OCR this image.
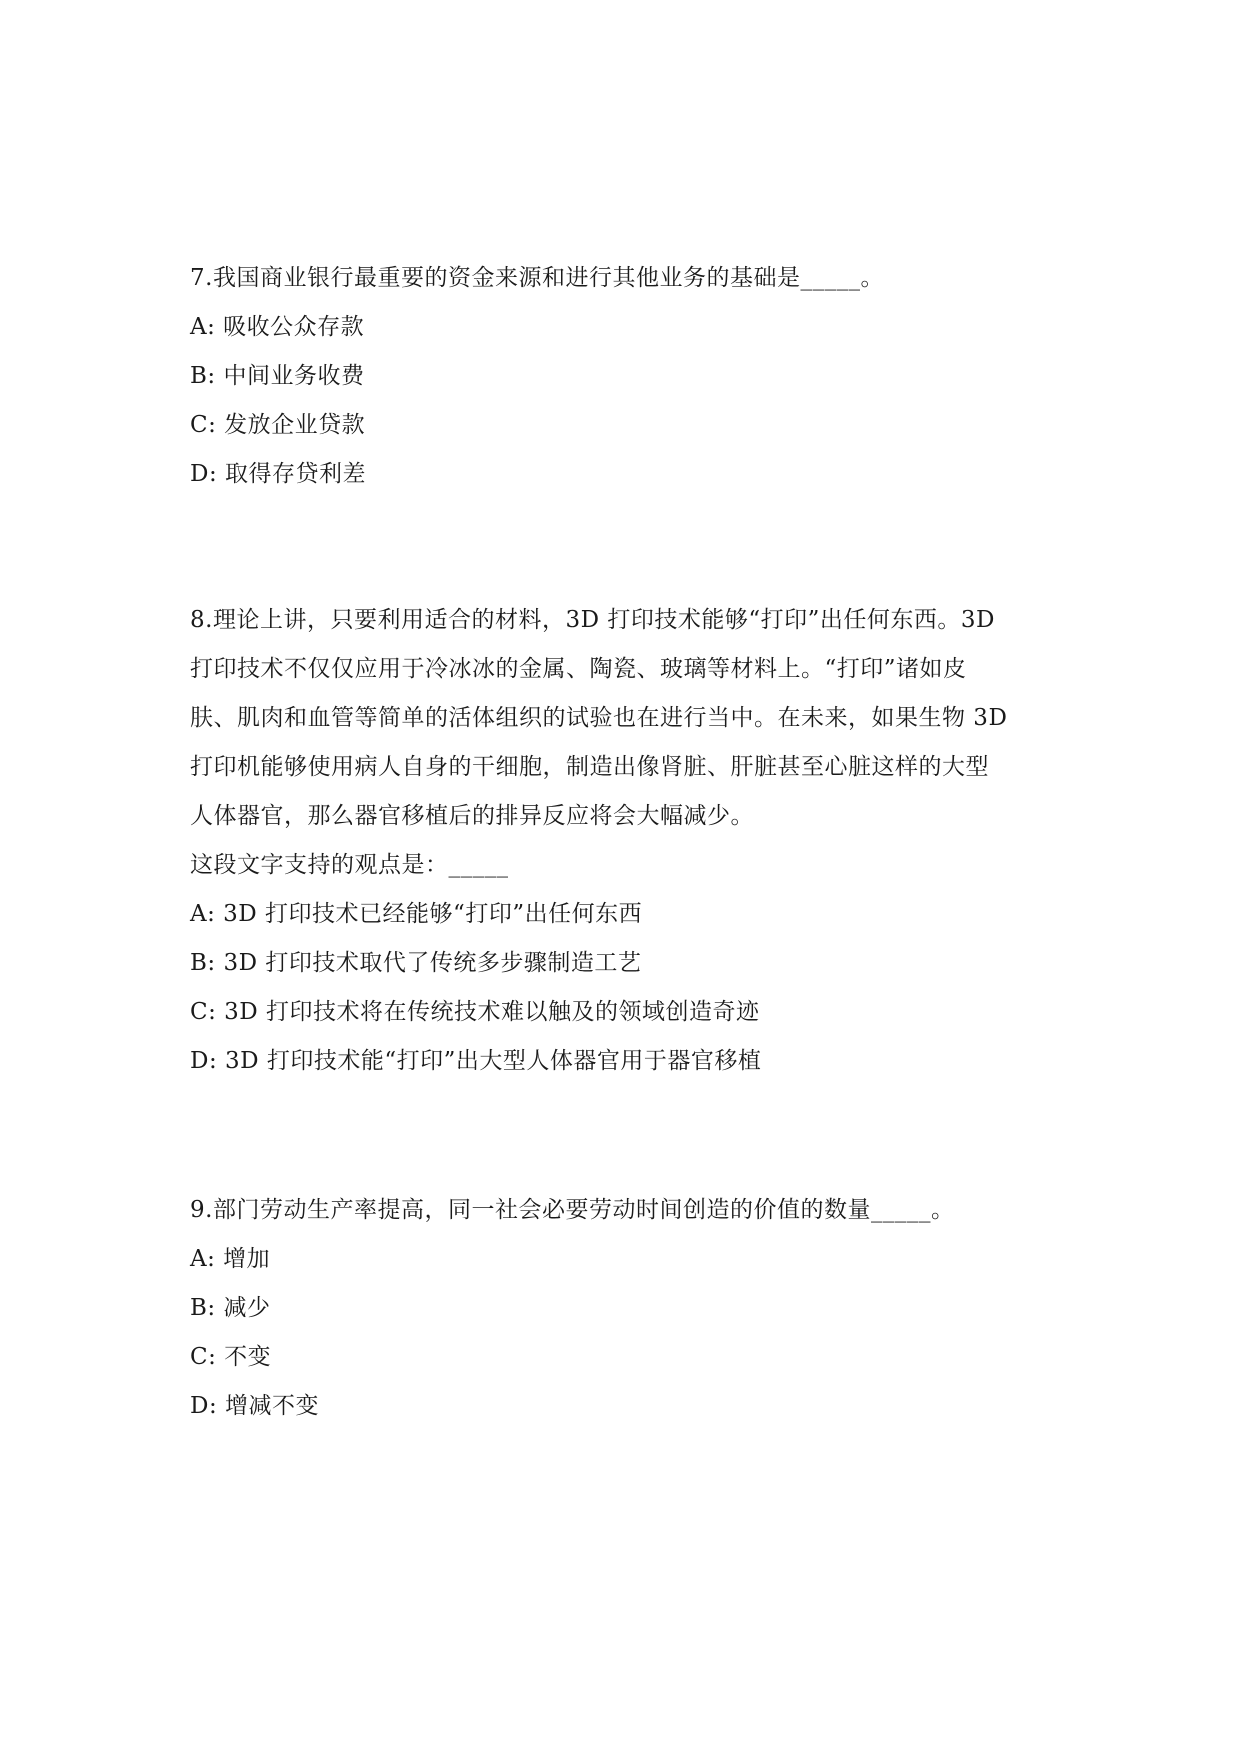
7.我国商业银行最重要的资金来源和进行其他业务的基础是_____。
A: 吸收公众存款
B: 中间业务收费
C: 发放企业贷款
D: 取得存贷利差
8.理论上讲，只要利用适合的材料，3D 打印技术能够“打印”出任何东西。3D
打印技术不仅仅应用于冷冰冰的金属、陶瓷、玻璃等材料上。“打印”诸如皮
肤、肌肉和血管等简单的活体组织的试验也在进行当中。在未来，如果生物 3D
打印机能够使用病人自身的干细胞，制造出像肾脏、肝脏甚至心脏这样的大型
人体器官，那么器官移植后的排异反应将会大幅减少。
这段文字支持的观点是：_____
A: 3D 打印技术已经能够“打印”出任何东西
B: 3D 打印技术取代了传统多步骤制造工艺
C: 3D 打印技术将在传统技术难以触及的领域创造奇迹
D: 3D 打印技术能“打印”出大型人体器官用于器官移植
9.部门劳动生产率提高，同一社会必要劳动时间创造的价值的数量_____。
A: 增加
B: 减少
C: 不变
D: 增减不变
